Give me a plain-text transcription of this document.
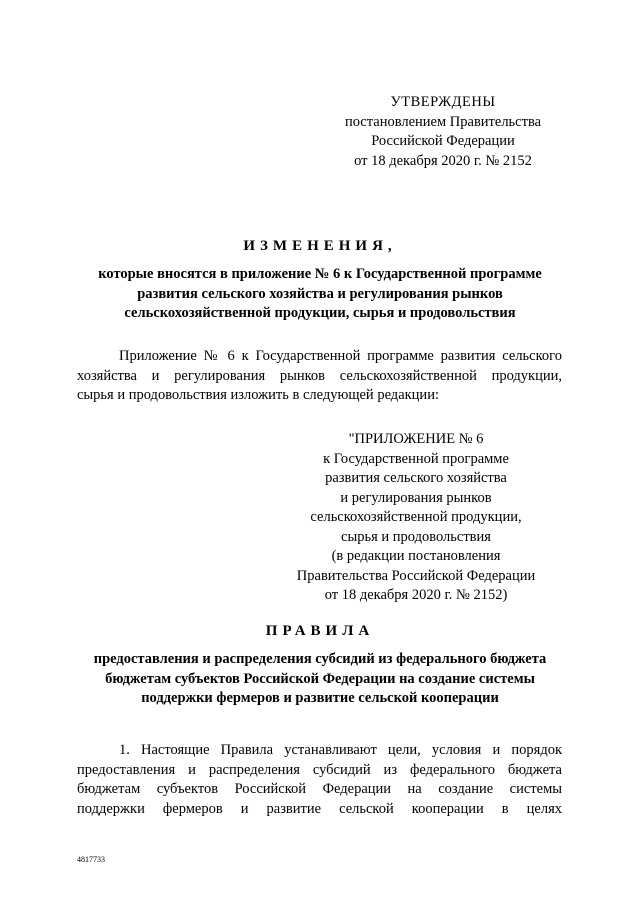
УТВЕРЖДЕНЫ
постановлением Правительства
Российской Федерации
от 18 декабря 2020 г. № 2152
ИЗМЕНЕНИЯ,
которые вносятся в приложение № 6 к Государственной программе
развития сельского хозяйства и регулирования рынков
сельскохозяйственной продукции, сырья и продовольствия
Приложение № 6 к Государственной программе развития сельского
хозяйства и регулирования рынков сельскохозяйственной продукции,
сырья и продовольствия изложить в следующей редакции:
"ПРИЛОЖЕНИЕ № 6
к Государственной программе
развития сельского хозяйства
и регулирования рынков
сельскохозяйственной продукции,
сырья и продовольствия
(в редакции постановления
Правительства Российской Федерации
от 18 декабря 2020 г. № 2152)
ПРАВИЛА
предоставления и распределения субсидий из федерального бюджета
бюджетам субъектов Российской Федерации на создание системы
поддержки фермеров и развитие сельской кооперации
1. Настоящие Правила устанавливают цели, условия и порядок
предоставления и распределения субсидий из федерального бюджета
бюджетам субъектов Российской Федерации на создание системы
поддержки фермеров и развитие сельской кооперации в целях
4817733
